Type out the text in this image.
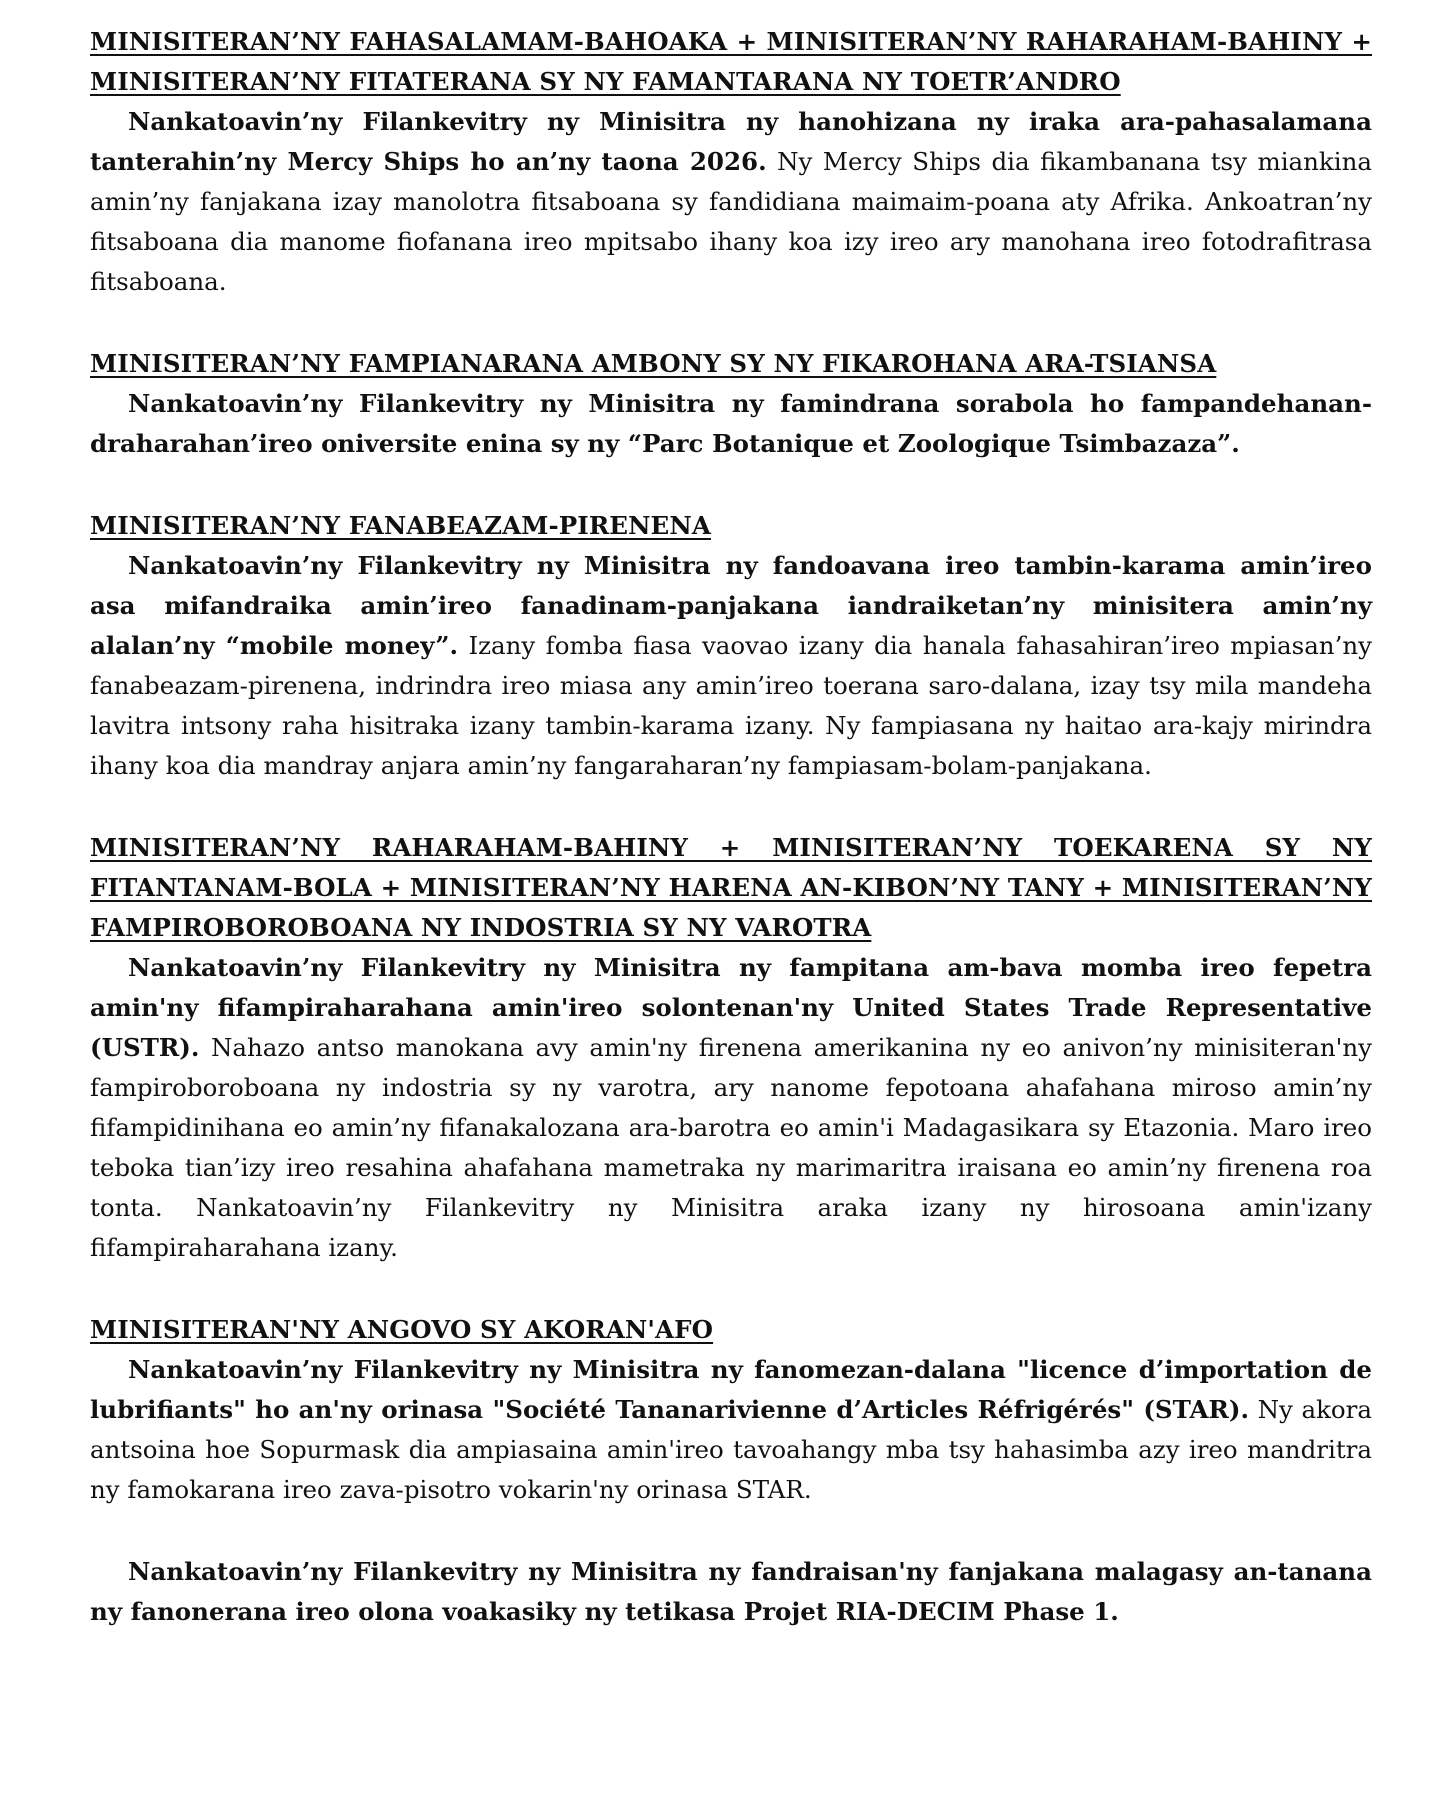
MINISITERAN’NY FAHASALAMAM-BAHOAKA + MINISITERAN’NY RAHARAHAM-BAHINY + MINISITERAN’NY FITATERANA SY NY FAMANTARANA NY TOETR’ANDRO

Nankatoavin’ny Filankevitry ny Minisitra ny hanohizana ny iraka ara-pahasalamana tanterahin’ny Mercy Ships ho an’ny taona 2026. Ny Mercy Ships dia fikambanana tsy miankina amin’ny fanjakana izay manolotra fitsaboana sy fandidiana maimaim-poana aty Afrika. Ankoatran’ny fitsaboana dia manome fiofanana ireo mpitsabo ihany koa izy ireo ary manohana ireo fotodrafitrasa fitsaboana.

MINISITERAN’NY FAMPIANARANA AMBONY SY NY FIKAROHANA ARA-TSIANSA

Nankatoavin’ny Filankevitry ny Minisitra ny famindrana sorabola ho fampandehanan-draharahan’ireo oniversite enina sy ny “Parc Botanique et Zoologique Tsimbazaza”.

MINISITERAN’NY FANABEAZAM-PIRENENA

Nankatoavin’ny Filankevitry ny Minisitra ny fandoavana ireo tambin-karama amin’ireo asa mifandraika amin’ireo fanadinam-panjakana iandraiketan’ny minisitera amin’ny alalan’ny “mobile money”. Izany fomba fiasa vaovao izany dia hanala fahasahiran’ireo mpiasan’ny fanabeazam-pirenena, indrindra ireo miasa any amin’ireo toerana saro-dalana, izay tsy mila mandeha lavitra intsony raha hisitraka izany tambin-karama izany. Ny fampiasana ny haitao ara-kajy mirindra ihany koa dia mandray anjara amin’ny fangaraharan’ny fampiasam-bolam-panjakana.

MINISITERAN’NY RAHARAHAM-BAHINY + MINISITERAN’NY TOEKARENA SY NY FITANTANAM-BOLA + MINISITERAN’NY HARENA AN-KIBON’NY TANY + MINISITERAN’NY FAMPIROBOROBOANA NY INDOSTRIA SY NY VAROTRA

Nankatoavin’ny Filankevitry ny Minisitra ny fampitana am-bava momba ireo fepetra amin'ny fifampiraharahana amin'ireo solontenan'ny United States Trade Representative (USTR). Nahazo antso manokana avy amin'ny firenena amerikanina ny eo anivon’ny minisiteran'ny fampiroboroboana ny indostria sy ny varotra, ary nanome fepotoana ahafahana miroso amin’ny fifampidinihana eo amin’ny fifanakalozana ara-barotra eo amin'i Madagasikara sy Etazonia. Maro ireo teboka tian’izy ireo resahina ahafahana mametraka ny marimaritra iraisana eo amin’ny firenena roa tonta. Nankatoavin’ny Filankevitry ny Minisitra araka izany ny hirosoana amin'izany fifampiraharahana izany.

MINISITERAN'NY ANGOVO SY AKORAN'AFO

Nankatoavin’ny Filankevitry ny Minisitra ny fanomezan-dalana "licence d’importation de lubrifiants" ho an'ny orinasa "Société Tananarivienne d’Articles Réfrigérés" (STAR). Ny akora antsoina hoe Sopurmask dia ampiasaina amin'ireo tavoahangy mba tsy hahasimba azy ireo mandritra ny famokarana ireo zava-pisotro vokarin'ny orinasa STAR.

Nankatoavin’ny Filankevitry ny Minisitra ny fandraisan'ny fanjakana malagasy an-tanana ny fanonerana ireo olona voakasiky ny tetikasa Projet RIA-DECIM Phase 1.
